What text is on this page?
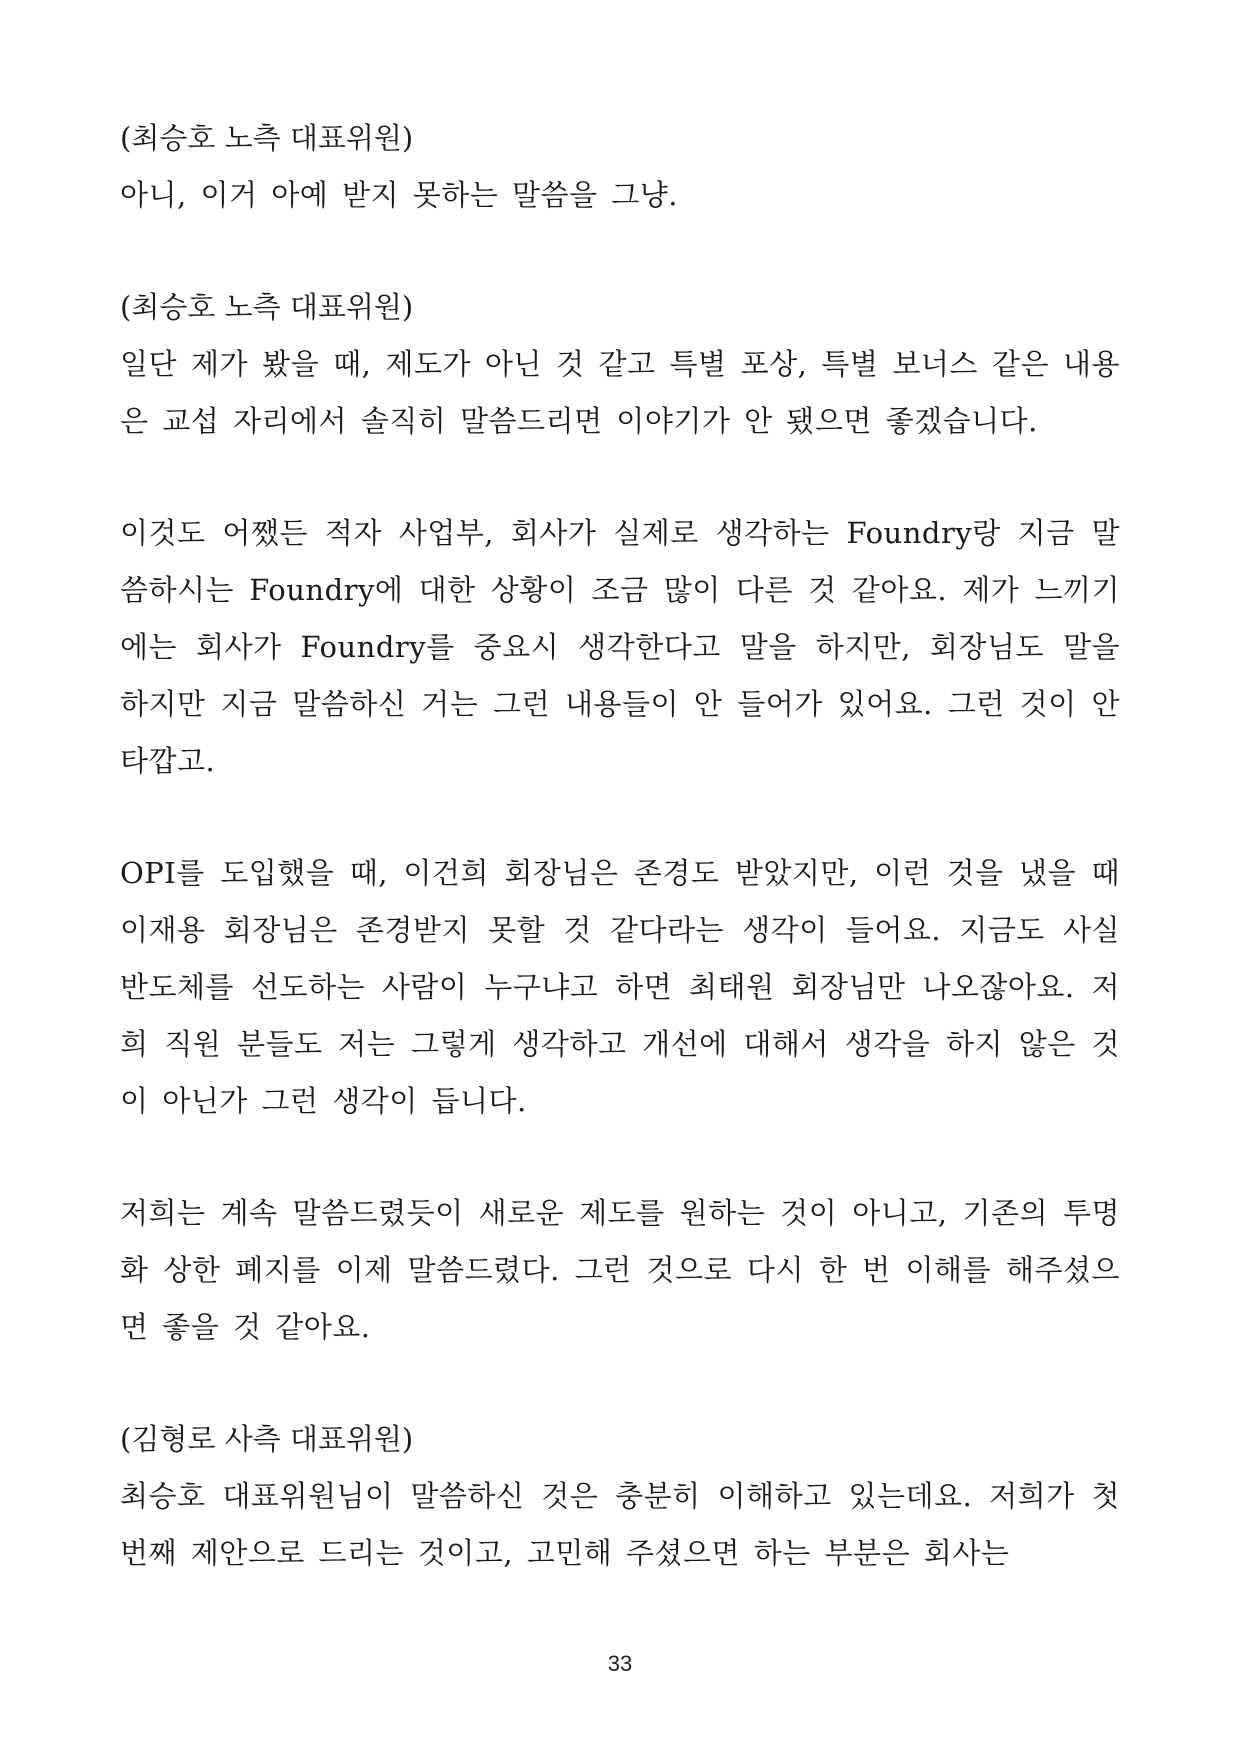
(최승호 노측 대표위원)

아니, 이거 아예 받지 못하는 말씀을 그냥.

(최승호 노측 대표위원)

일단 제가 봤을 때, 제도가 아닌 것 같고 특별 포상, 특별 보너스 같은 내용은 교섭 자리에서 솔직히 말씀드리면 이야기가 안 됐으면 좋겠습니다.

이것도 어쨌든 적자 사업부, 회사가 실제로 생각하는 Foundry랑 지금 말씀하시는 Foundry에 대한 상황이 조금 많이 다른 것 같아요. 제가 느끼기에는 회사가 Foundry를 중요시 생각한다고 말을 하지만, 회장님도 말을 하지만 지금 말씀하신 거는 그런 내용들이 안 들어가 있어요. 그런 것이 안타깝고.

OPI를 도입했을 때, 이건희 회장님은 존경도 받았지만, 이런 것을 냈을 때 이재용 회장님은 존경받지 못할 것 같다라는 생각이 들어요. 지금도 사실 반도체를 선도하는 사람이 누구냐고 하면 최태원 회장님만 나오잖아요. 저희 직원 분들도 저는 그렇게 생각하고 개선에 대해서 생각을 하지 않은 것이 아닌가 그런 생각이 듭니다.

저희는 계속 말씀드렸듯이 새로운 제도를 원하는 것이 아니고, 기존의 투명화 상한 폐지를 이제 말씀드렸다. 그런 것으로 다시 한 번 이해를 해주셨으면 좋을 것 같아요.

(김형로 사측 대표위원)

최승호 대표위원님이 말씀하신 것은 충분히 이해하고 있는데요. 저희가 첫 번째 제안으로 드리는 것이고, 고민해 주셨으면 하는 부분은 회사는

33
